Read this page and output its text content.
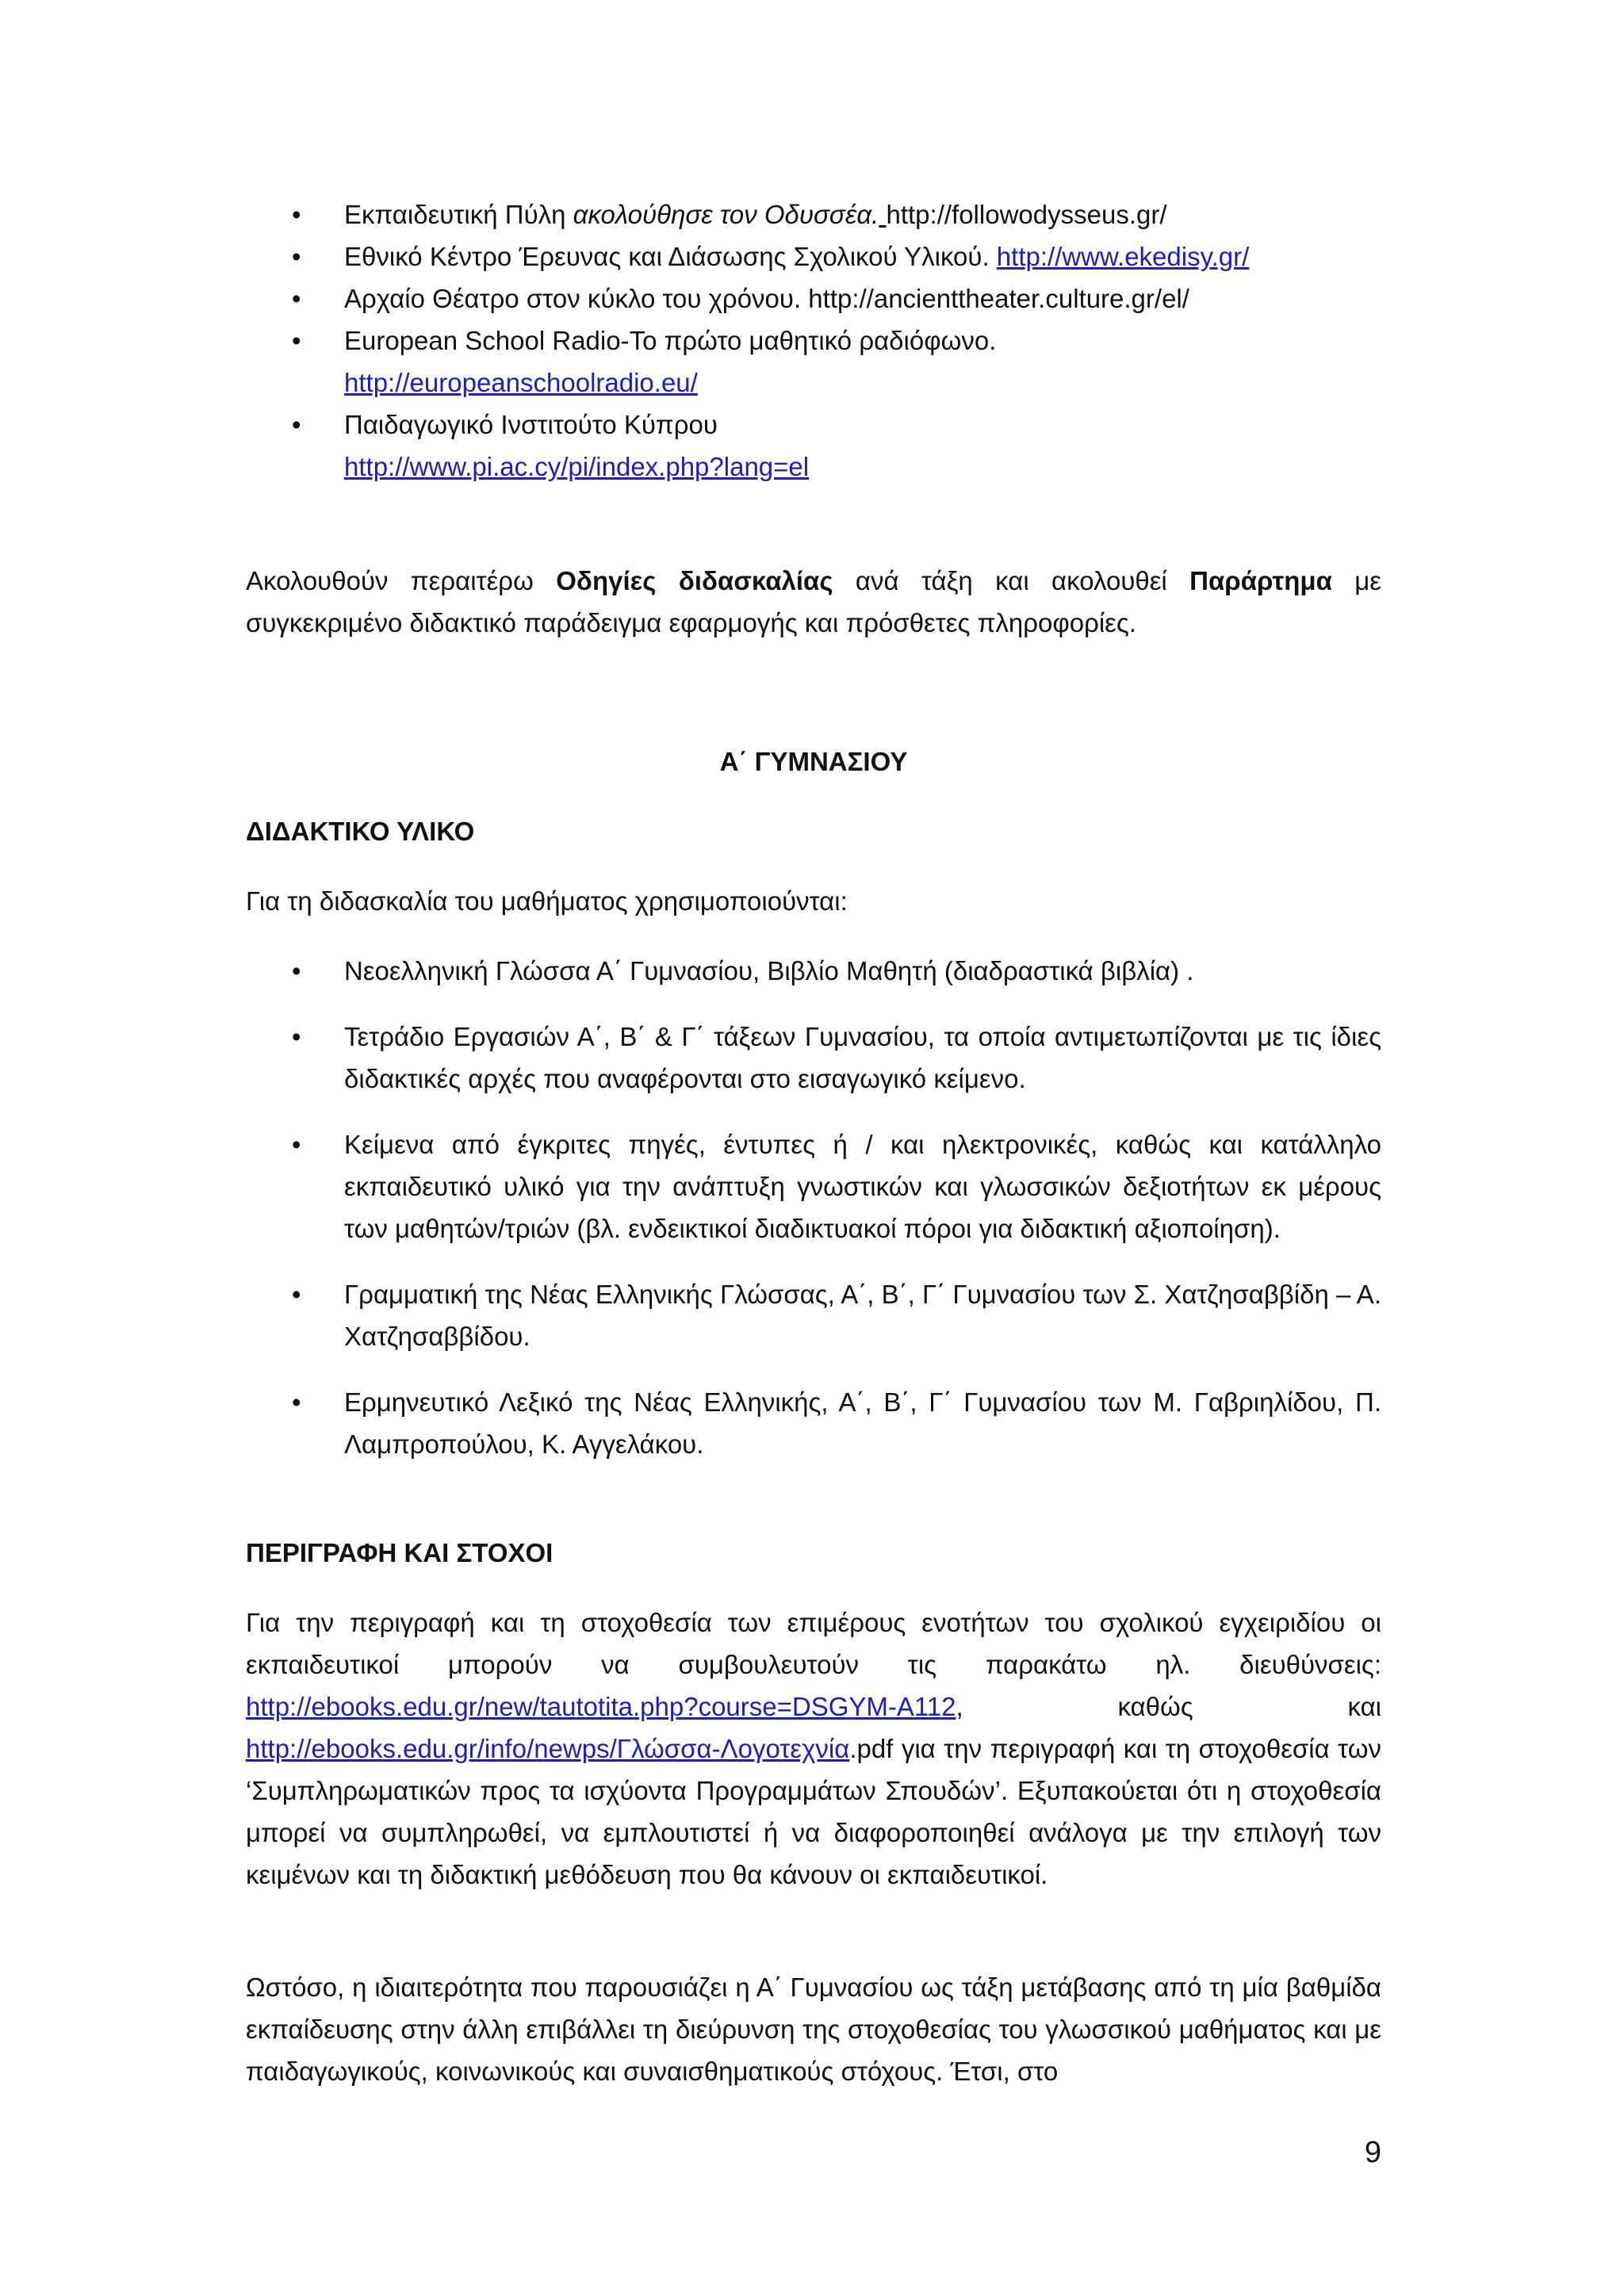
• Εκπαιδευτική Πύλη ακολούθησε τον Οδυσσέα. http://followodysseus.gr/
• Εθνικό Κέντρο Έρευνας και Διάσωσης Σχολικού Υλικού. http://www.ekedisy.gr/
• Αρχαίο Θέατρο στον κύκλο του χρόνου. http://ancienttheater.culture.gr/el/
• European School Radio-Το πρώτο μαθητικό ραδιόφωνο.
http://europeanschoolradio.eu/
• Παιδαγωγικό Ινστιτούτο Κύπρου
http://www.pi.ac.cy/pi/index.php?lang=el

Ακολουθούν περαιτέρω Οδηγίες διδασκαλίας ανά τάξη και ακολουθεί Παράρτημα με συγκεκριμένο διδακτικό παράδειγμα εφαρμογής και πρόσθετες πληροφορίες.

Α΄ ΓΥΜΝΑΣΙΟΥ
ΔΙΔΑΚΤΙΚΟ ΥΛΙΚΟ
Για τη διδασκαλία του μαθήματος χρησιμοποιούνται:
• Νεοελληνική Γλώσσα Α΄ Γυμνασίου, Βιβλίο Μαθητή (διαδραστικά βιβλία) .
• Τετράδιο Εργασιών Α΄, Β΄ & Γ΄ τάξεων Γυμνασίου, τα οποία αντιμετωπίζονται με τις ίδιες διδακτικές αρχές που αναφέρονται στο εισαγωγικό κείμενο.
• Κείμενα από έγκριτες πηγές, έντυπες ή / και ηλεκτρονικές, καθώς και κατάλληλο εκπαιδευτικό υλικό για την ανάπτυξη γνωστικών και γλωσσικών δεξιοτήτων εκ μέρους των μαθητών/τριών (βλ. ενδεικτικοί διαδικτυακοί πόροι για διδακτική αξιοποίηση).
• Γραμματική της Νέας Ελληνικής Γλώσσας, Α΄, Β΄, Γ΄ Γυμνασίου των Σ. Χατζησαββίδη – Α. Χατζησαββίδου.
• Ερμηνευτικό Λεξικό της Νέας Ελληνικής, Α΄, Β΄, Γ΄ Γυμνασίου των Μ. Γαβριηλίδου, Π. Λαμπροπούλου, Κ. Αγγελάκου.
ΠΕΡΙΓΡΑΦΗ ΚΑΙ ΣΤΟΧΟΙ

Για την περιγραφή και τη στοχοθεσία των επιμέρους ενοτήτων του σχολικού εγχειριδίου οι εκπαιδευτικοί μπορούν να συμβουλευτούν τις παρακάτω ηλ. διευθύνσεις: http://ebooks.edu.gr/new/tautotita.php?course=DSGYM-A112, καθώς και http://ebooks.edu.gr/info/newps/Γλώσσα-Λογοτεχνία.pdf για την περιγραφή και τη στοχοθεσία των ‘Συμπληρωματικών προς τα ισχύοντα Προγραμμάτων Σπουδών’. Εξυπακούεται ότι η στοχοθεσία μπορεί να συμπληρωθεί, να εμπλουτιστεί ή να διαφοροποιηθεί ανάλογα με την επιλογή των κειμένων και τη διδακτική μεθόδευση που θα κάνουν οι εκπαιδευτικοί.

Ωστόσο, η ιδιαιτερότητα που παρουσιάζει η Α΄ Γυμνασίου ως τάξη μετάβασης από τη μία βαθμίδα εκπαίδευσης στην άλλη επιβάλλει τη διεύρυνση της στοχοθεσίας του γλωσσικού μαθήματος και με παιδαγωγικούς, κοινωνικούς και συναισθηματικούς στόχους. Έτσι, στο

9
